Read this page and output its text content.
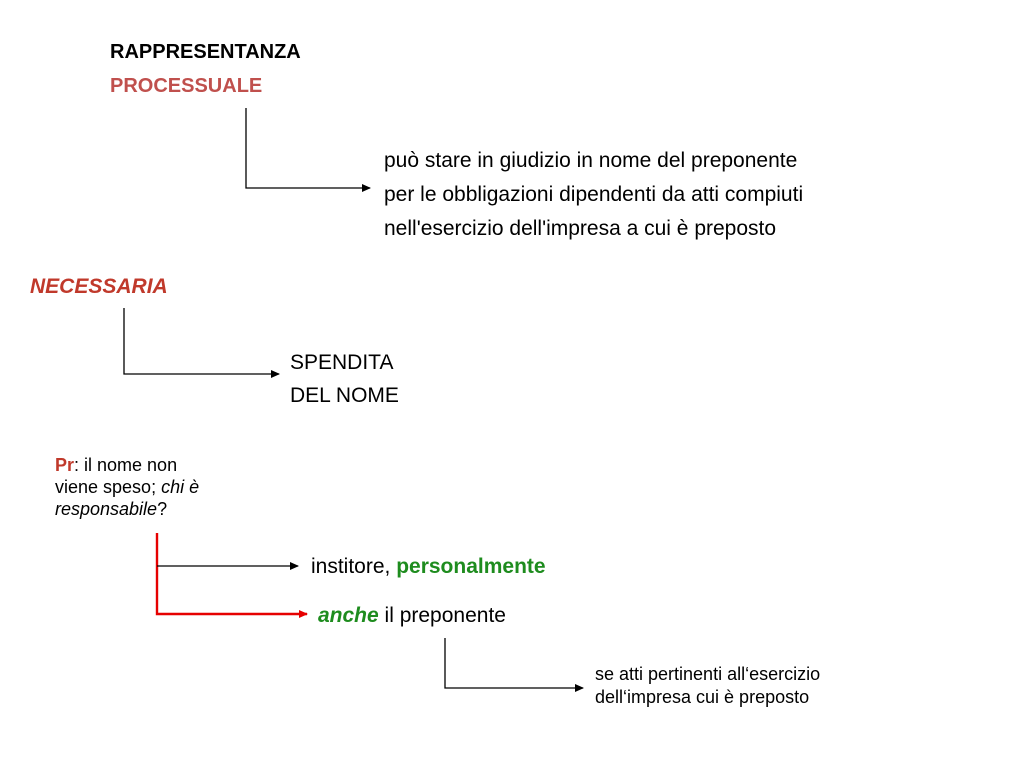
RAPPRESENTANZA
PROCESSUALE
può stare in giudizio in nome del preponente
per le obbligazioni dipendenti da atti compiuti
nell'esercizio dell'impresa a cui è preposto
NECESSARIA
SPENDITA
DEL NOME
Pr: il nome non
viene speso; chi è
responsabile?
institore, personalmente
anche il preponente
se atti pertinenti all‘esercizio
dell‘impresa cui è preposto
